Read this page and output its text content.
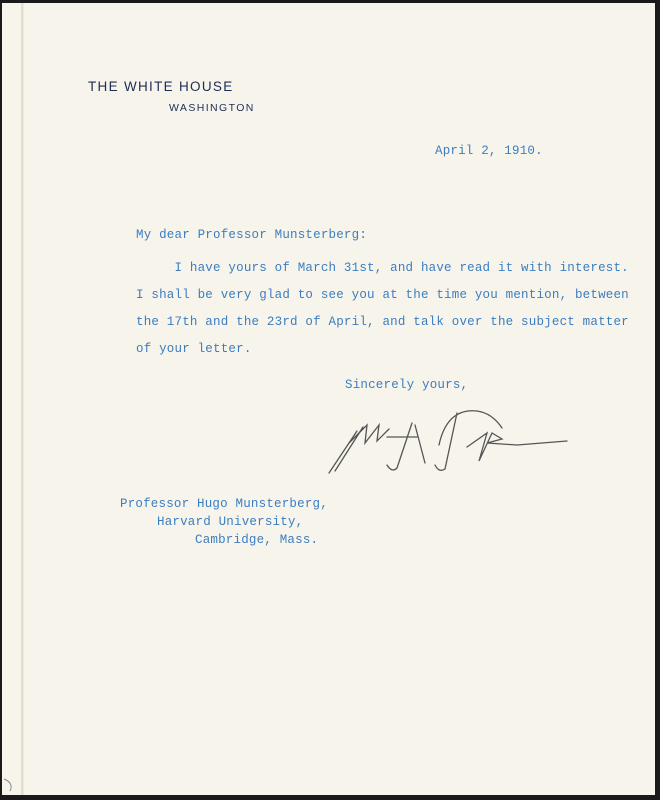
THE WHITE HOUSE
WASHINGTON
April 2, 1910.
My dear Professor Munsterberg:
I have yours of March 31st, and have read it with interest.
I shall be very glad to see you at the time you mention, between
the 17th and the 23rd of April, and talk over the subject matter
of your letter.
Sincerely yours,
Professor Hugo Munsterberg,
Harvard University,
Cambridge, Mass.
